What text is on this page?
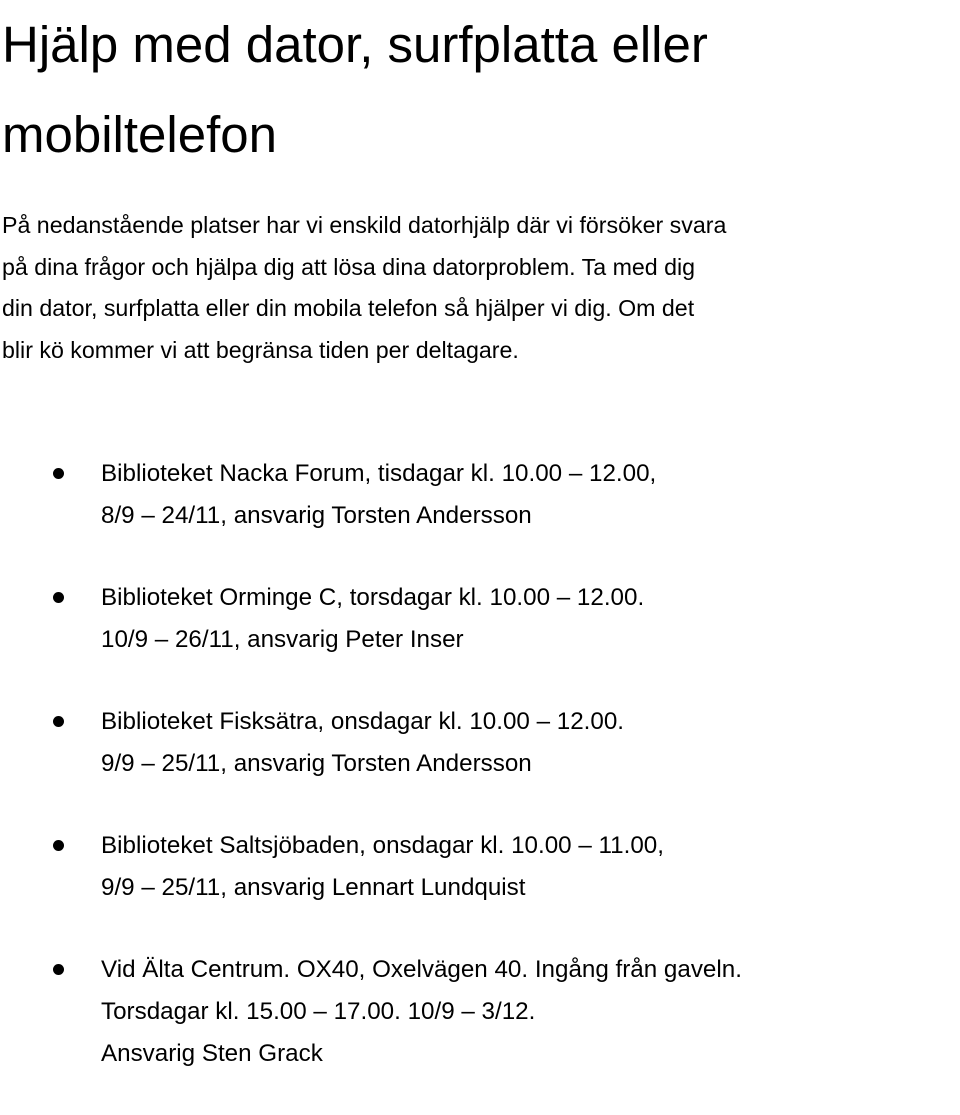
Hjälp med dator, surfplatta eller
mobiltelefon

På nedanstående platser har vi enskild datorhjälp där vi försöker svara
på dina frågor och hjälpa dig att lösa dina datorproblem. Ta med dig
din dator, surfplatta eller din mobila telefon så hjälper vi dig. Om det
blir kö kommer vi att begränsa tiden per deltagare.

Biblioteket Nacka Forum, tisdagar kl. 10.00 – 12.00,
8/9 – 24/11, ansvarig Torsten Andersson
Biblioteket Orminge C, torsdagar kl. 10.00 – 12.00.
10/9 – 26/11, ansvarig Peter Inser
Biblioteket Fisksätra, onsdagar kl. 10.00 – 12.00.
9/9 – 25/11, ansvarig Torsten Andersson
Biblioteket Saltsjöbaden, onsdagar kl. 10.00 – 11.00,
9/9 – 25/11, ansvarig Lennart Lundquist
Vid Älta Centrum. OX40, Oxelvägen 40. Ingång från gaveln.
Torsdagar kl. 15.00 – 17.00. 10/9 – 3/12.
Ansvarig Sten Grack
